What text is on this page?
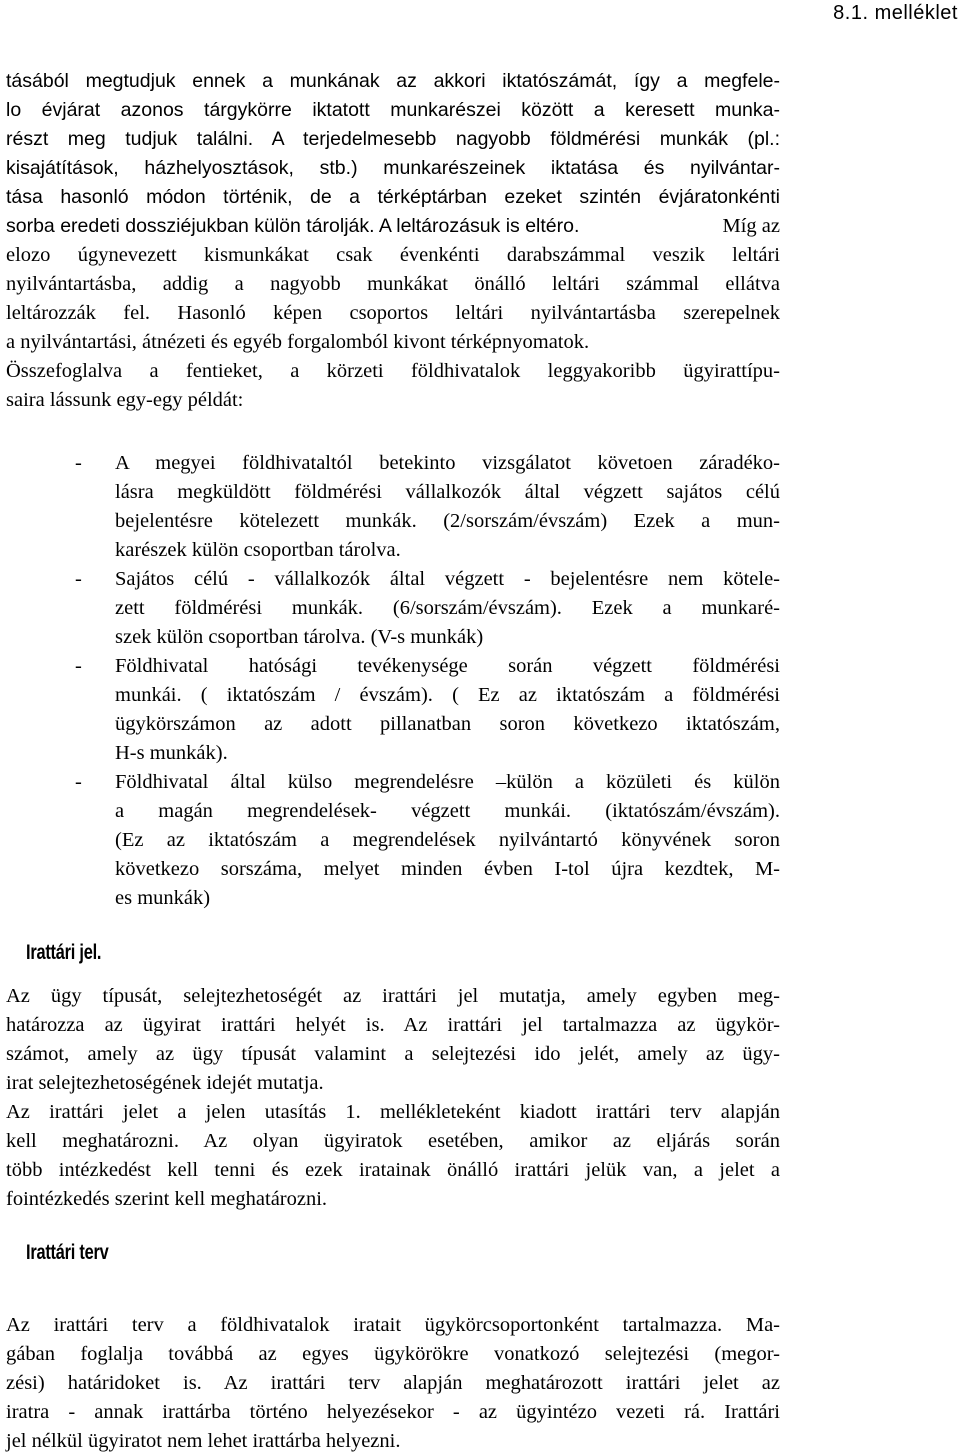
8.1. melléklet
tásából megtudjuk ennek a munkának az akkori iktatószámát, így a megfele-
lo évjárat azonos tárgykörre iktatott munkarészei között a keresett munka-
részt meg tudjuk találni. A terjedelmesebb nagyobb földmérési munkák (pl.:
kisajátítások, házhelyosztások, stb.) munkarészeinek iktatása és nyilvántar-
tása hasonló módon történik, de a térképtárban ezeket szintén évjáratonkénti
sorba eredeti dossziéjukban külön tárolják. A leltározásuk is eltéro.	Míg az
elozo úgynevezett kismunkákat csak évenkénti darabszámmal veszik leltári
nyilvántartásba, addig a nagyobb munkákat önálló leltári számmal ellátva
leltározzák fel. Hasonló képen csoportos leltári nyilvántartásba szerepelnek
a nyilvántartási, átnézeti és egyéb forgalomból kivont térképnyomatok.
Összefoglalva a fentieket, a körzeti földhivatalok leggyakoribb ügyirattípu-
saira lássunk egy-egy példát:
- A megyei földhivataltól betekinto vizsgálatot követoen záradéko-
lásra megküldött földmérési vállalkozók által végzett sajátos célú
bejelentésre kötelezett munkák. (2/sorszám/évszám) Ezek a mun-
karészek külön csoportban tárolva.
- Sajátos célú - vállalkozók által végzett - bejelentésre nem kötele-
zett földmérési munkák. (6/sorszám/évszám). Ezek a munkaré-
szek külön csoportban tárolva. (V-s munkák)
- Földhivatal hatósági tevékenysége során végzett földmérési
munkái. ( iktatószám / évszám). ( Ez az iktatószám a földmérési
ügykörszámon az adott pillanatban soron következo iktatószám,
H-s munkák).
- Földhivatal által külso megrendelésre –külön a közületi és külön
a magán megrendelések- végzett munkái. (iktatószám/évszám).
(Ez az iktatószám a megrendelések nyilvántartó könyvének soron
következo sorszáma, melyet minden évben I-tol újra kezdtek, M-
es munkák)
Irattári jel.
Az ügy típusát, selejtezhetoségét az irattári jel mutatja, amely egyben meg-
határozza az ügyirat irattári helyét is. Az irattári jel tartalmazza az ügykör-
számot, amely az ügy típusát valamint a selejtezési ido jelét, amely az ügy-
irat selejtezhetoségének idejét mutatja.
Az irattári jelet a jelen utasítás 1. mellékleteként kiadott irattári terv alapján
kell meghatározni. Az olyan ügyiratok esetében, amikor az eljárás során
több intézkedést kell tenni és ezek iratainak önálló irattári jelük van, a jelet a
fointézkedés szerint kell meghatározni.
Irattári terv
Az irattári terv a földhivatalok iratait ügykörcsoportonként tartalmazza. Ma-
gában foglalja továbbá az egyes ügykörökre vonatkozó selejtezési (megor-
zési) határidoket is. Az irattári terv alapján meghatározott irattári jelet az
iratra - annak irattárba történo helyezésekor - az ügyintézo vezeti rá. Irattári
jel nélkül ügyiratot nem lehet irattárba helyezni.
